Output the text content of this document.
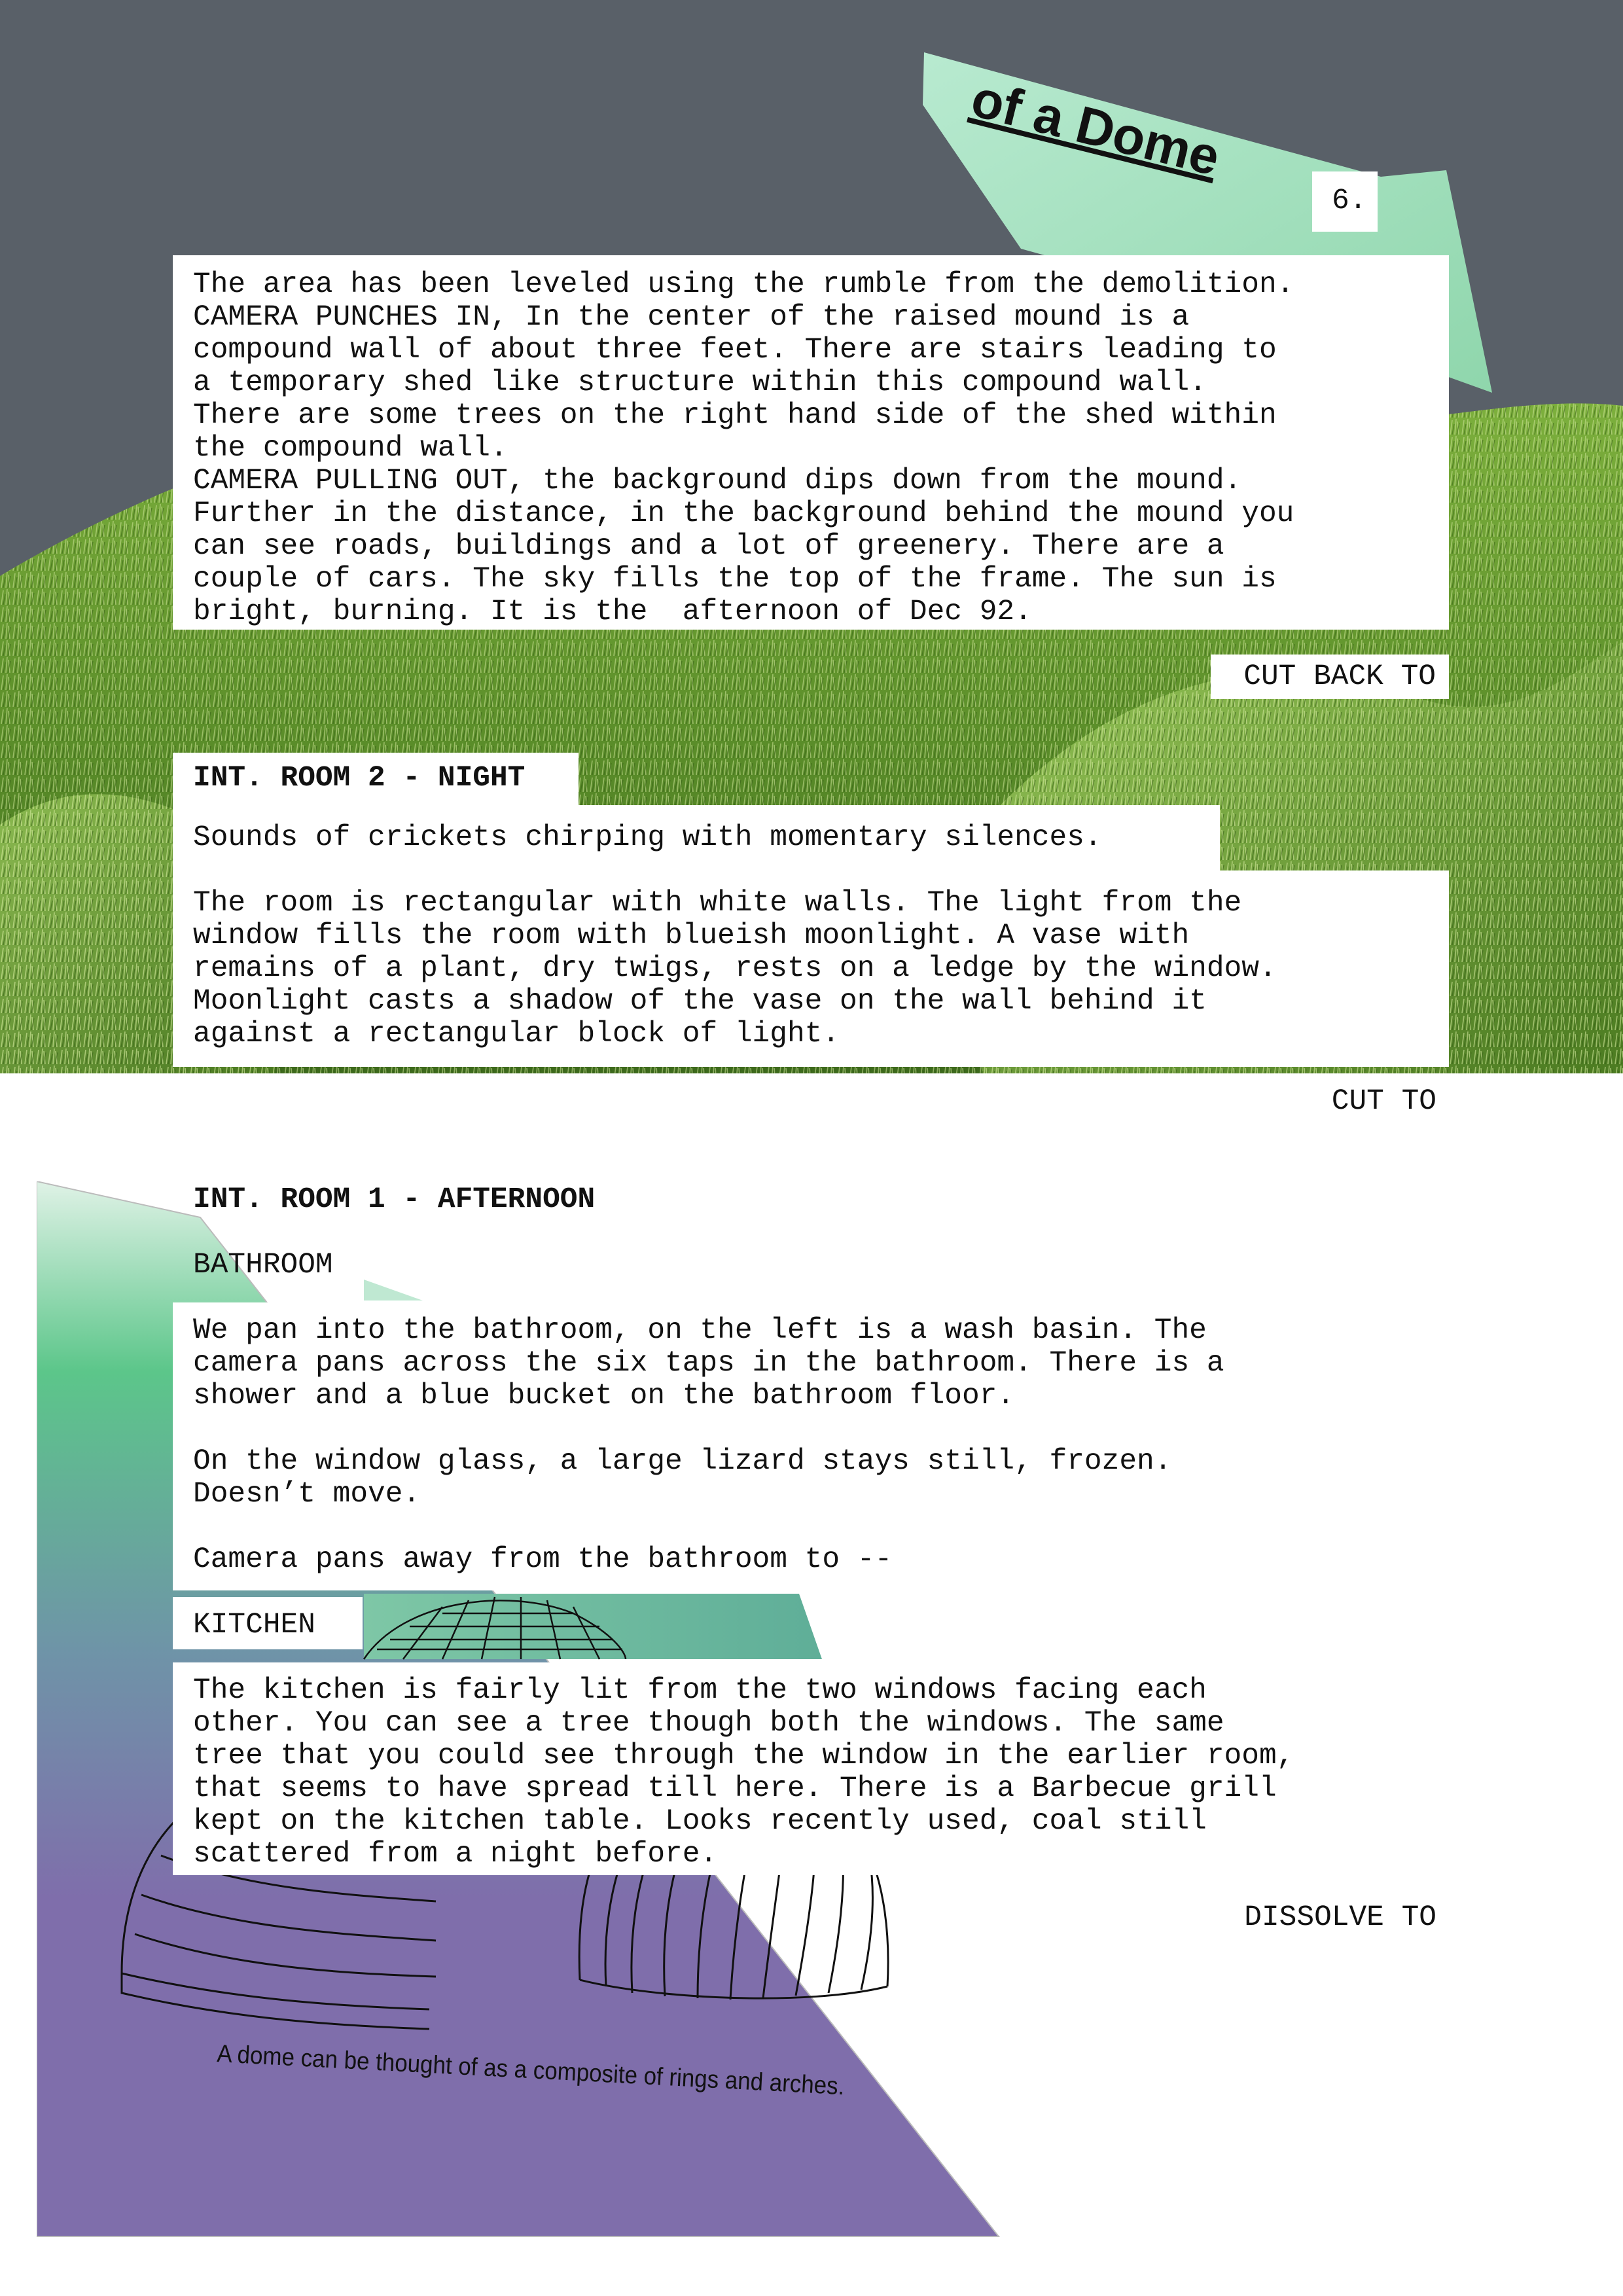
of a Dome

6.

The area has been leveled using the rumble from the demolition.
CAMERA PUNCHES IN, In the center of the raised mound is a
compound wall of about three feet. There are stairs leading to
a temporary shed like structure within this compound wall.
There are some trees on the right hand side of the shed within
the compound wall.
CAMERA PULLING OUT, the background dips down from the mound.
Further in the distance, in the background behind the mound you
can see roads, buildings and a lot of greenery. There are a
couple of cars. The sky fills the top of the frame. The sun is
bright, burning. It is the  afternoon of Dec 92.

CUT BACK TO

INT. ROOM 2 - NIGHT

Sounds of crickets chirping with momentary silences.

The room is rectangular with white walls. The light from the
window fills the room with blueish moonlight. A vase with
remains of a plant, dry twigs, rests on a ledge by the window.
Moonlight casts a shadow of the vase on the wall behind it
against a rectangular block of light.

CUT TO

A dome can be thought of as a composite of rings and arches.

INT. ROOM 1 - AFTERNOON

BATHROOM

We pan into the bathroom, on the left is a wash basin. The
camera pans across the six taps in the bathroom. There is a
shower and a blue bucket on the bathroom floor.

On the window glass, a large lizard stays still, frozen.
Doesn’t move.

Camera pans away from the bathroom to --

KITCHEN

The kitchen is fairly lit from the two windows facing each
other. You can see a tree though both the windows. The same
tree that you could see through the window in the earlier room,
that seems to have spread till here. There is a Barbecue grill
kept on the kitchen table. Looks recently used, coal still
scattered from a night before.

DISSOLVE TO
